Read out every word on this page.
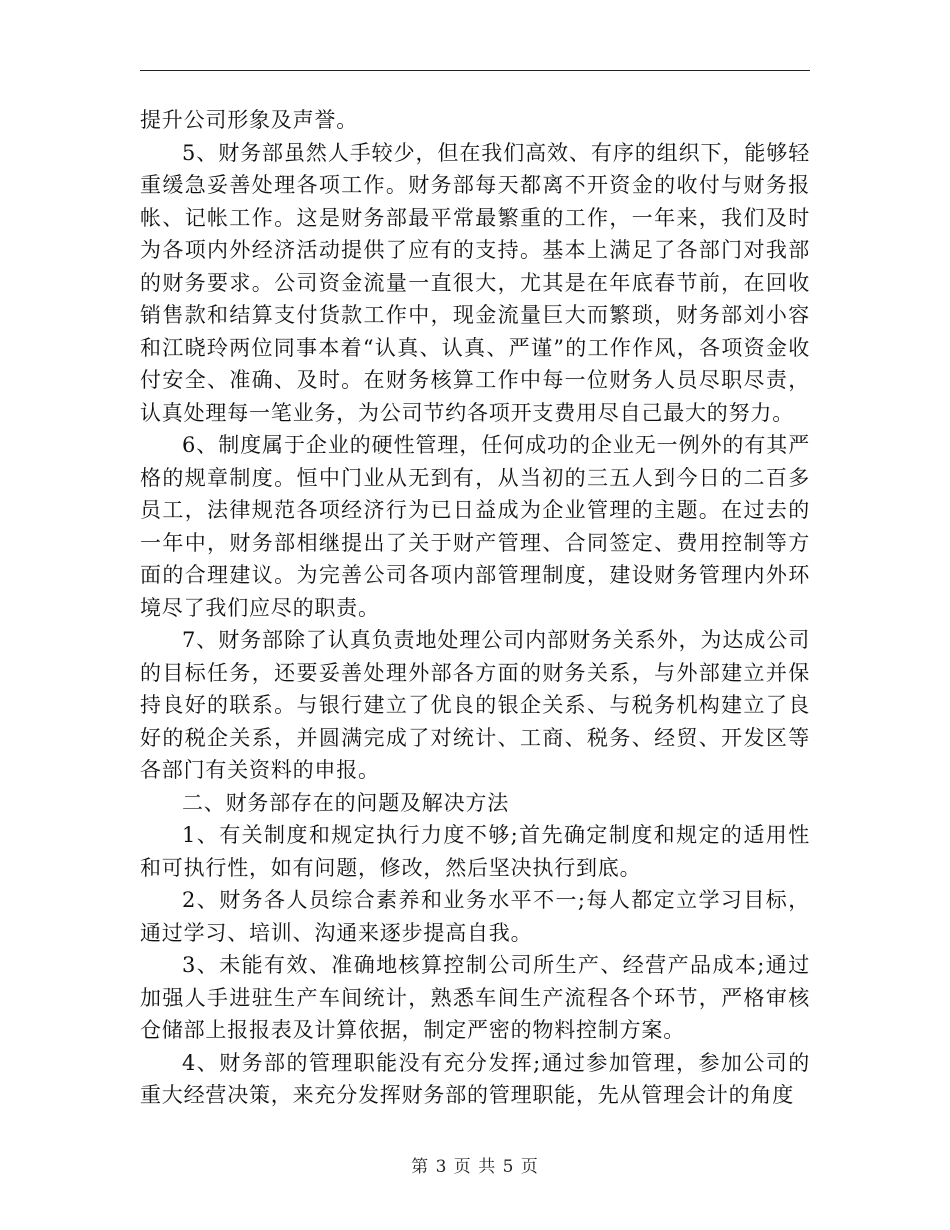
提升公司形象及声誉。

5、财务部虽然人手较少，但在我们高效、有序的组织下，能够轻重缓急妥善处理各项工作。财务部每天都离不开资金的收付与财务报帐、记帐工作。这是财务部最平常最繁重的工作，一年来，我们及时为各项内外经济活动提供了应有的支持。基本上满足了各部门对我部的财务要求。公司资金流量一直很大，尤其是在年底春节前，在回收销售款和结算支付货款工作中，现金流量巨大而繁琐，财务部刘小容和江晓玲两位同事本着“认真、认真、严谨”的工作作风，各项资金收付安全、准确、及时。在财务核算工作中每一位财务人员尽职尽责，认真处理每一笔业务，为公司节约各项开支费用尽自己最大的努力。

6、制度属于企业的硬性管理，任何成功的企业无一例外的有其严格的规章制度。恒中门业从无到有，从当初的三五人到今日的二百多员工，法律规范各项经济行为已日益成为企业管理的主题。在过去的一年中，财务部相继提出了关于财产管理、合同签定、费用控制等方面的合理建议。为完善公司各项内部管理制度，建设财务管理内外环境尽了我们应尽的职责。

7、财务部除了认真负责地处理公司内部财务关系外，为达成公司的目标任务，还要妥善处理外部各方面的财务关系，与外部建立并保持良好的联系。与银行建立了优良的银企关系、与税务机构建立了良好的税企关系，并圆满完成了对统计、工商、税务、经贸、开发区等各部门有关资料的申报。

二、财务部存在的问题及解决方法

1、有关制度和规定执行力度不够;首先确定制度和规定的适用性和可执行性，如有问题，修改，然后坚决执行到底。

2、财务各人员综合素养和业务水平不一;每人都定立学习目标，通过学习、培训、沟通来逐步提高自我。

3、未能有效、准确地核算控制公司所生产、经营产品成本;通过加强人手进驻生产车间统计，熟悉车间生产流程各个环节，严格审核仓储部上报报表及计算依据，制定严密的物料控制方案。

4、财务部的管理职能没有充分发挥;通过参加管理，参加公司的重大经营决策，来充分发挥财务部的管理职能，先从管理会计的角度

第 3 页 共 5 页
